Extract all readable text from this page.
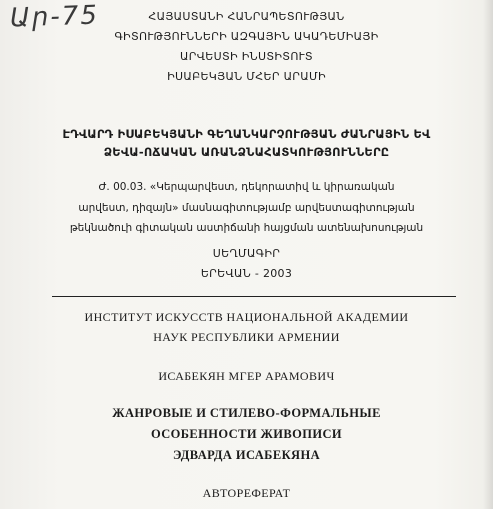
Ար-75	ՀԱՅԱՍՏԱՆԻ ՀԱՆՐԱՊԵՏՈՒԹՅԱՆ
ԳԻՏՈՒԹՅՈՒՆՆԵՐԻ ԱԶԳԱՅԻՆ ԱԿԱԴԵՄԻԱՅԻ
ԱՐՎԵՍՏԻ ԻՆՍՏԻՏՈՒՏ
ԻՍԱԲԵԿՅԱՆ ՄՀԵՐ ԱՐԱՄԻ
ԷԴՎԱՐԴ ԻՍԱԲԵԿՅԱՆԻ ԳԵՂԱՆԿԱՐՉՈՒԹՅԱՆ ԺԱՆՐԱՅԻՆ ԵՎ
ՁԵՎԱ-ՈՃԱԿԱՆ ԱՌԱՆՁՆԱՀԱՏԿՈՒԹՅՈՒՆՆԵՐԸ
Ժ. 00.03. «Կերպարվեստ, դեկորատիվ և կիրառական
արվեստ, դիզայն» մասնագիտությամբ արվեստագիտության
թեկնածուի գիտական աստիճանի հայցման ատենախոսության
ՍԵՂՄԱԳԻՐ
ԵՐԵՎԱՆ - 2003
ИНСТИТУТ ИСКУССТВ НАЦИОНАЛЬНОЙ АКАДЕМИИ
НАУК РЕСПУБЛИКИ АРМЕНИИ
ИСАБЕКЯН МГЕР АРАМОВИЧ
ЖАНРОВЫЕ И СТИЛЕВО-ФОРМАЛЬНЫЕ
ОСОБЕННОСТИ ЖИВОПИСИ
ЭДВАРДА ИСАБЕКЯНА
АВТОРЕФЕРАТ
